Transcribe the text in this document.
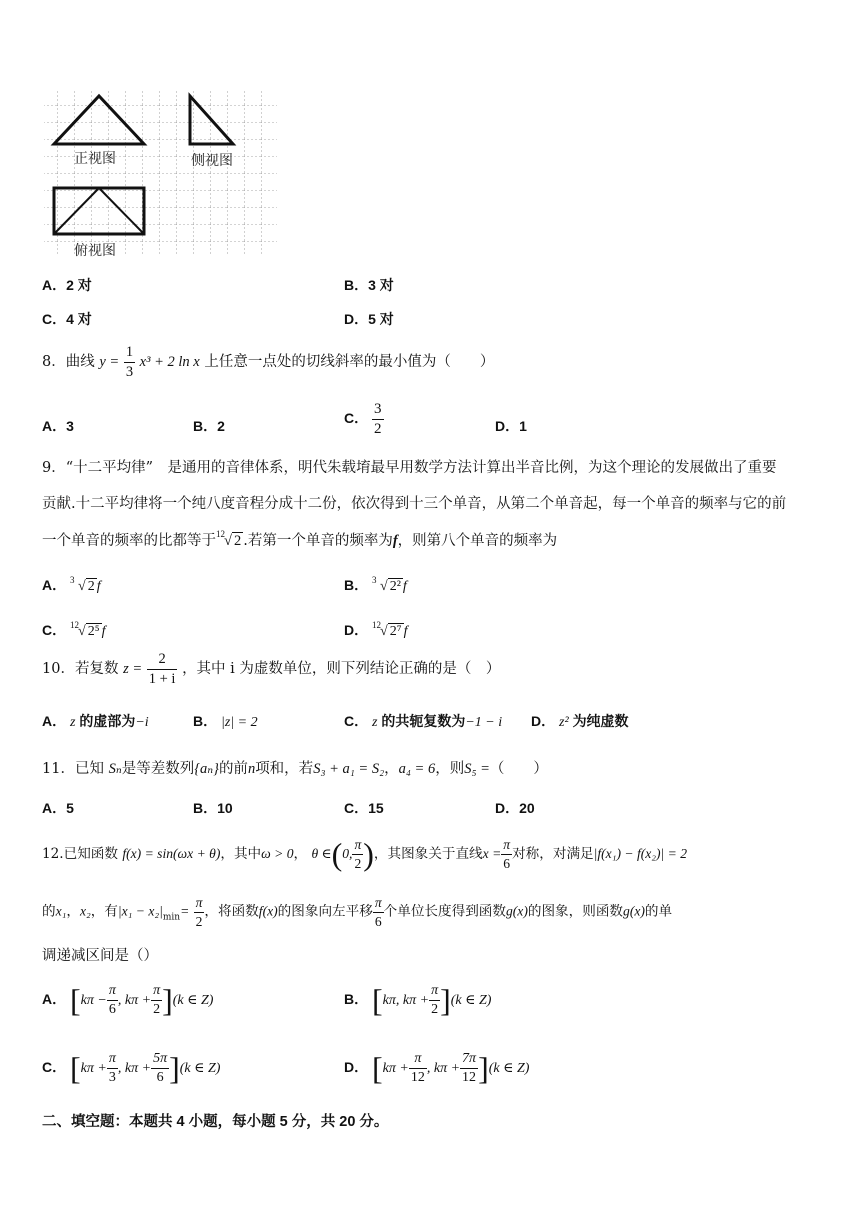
正视图	侧视图
俯视图
A．2 对	B．3 对
C．4 对	D．5 对
8．曲线 $y = \frac{1}{3} x^3 + 2$ ln x 上任意一点处的切线斜率的最小值为（　　）
A．3	B．2	C． $\frac{3}{2}$	D．1
9．“十二平均律”　是通用的音律体系，明代朱载堉最早用数学方法计算出半音比例，为这个理论的发展做出了重要
贡献.十二平均律将一个纯八度音程分成十二份，依次得到十三个单音，从第二个单音起，每一个单音的频率与它的前
一个单音的频率的比都等于 12 √ 2 .若第一个单音的频率为f，则第八个单音的频率为
A． 3 √ 2 f	B． 3 √ 2² f
C． 12 √ 2⁵ f	D． 12 √ 2⁷ f
10．若复数 $z = \frac{2}{1 + i}$ ，其中 i 为虚数单位，则下列结论正确的是（　）
A． z 的虚部为−i	B． |z| = 2	C． z 的共轭复数为−1 − i D． z² 为纯虚数
11．已知 Sₙ是等差数列{aₙ}的前n项和，若S₃ + a₁ = S₂，a₄ = 6，则S₅ =（　　）
A．5	B．10	C．15	D．20
12.已知函数 f(x) = sin(ωx + θ)，其中ω > 0， θ ∈(0, $\frac{\pi}{2}$ )，其图象关于直线$x = \frac{\pi}{6}$ 对称，对满足|f(x₁) − f(x₂)| = 2
的x₁，x₂，有$|x_1 - x_2|_{min}= \frac{\pi}{2}$ ，将函数f(x)的图象向左平移 $\frac{\pi}{6}$ 个单位长度得到函数g(x)的图象，则函数g(x)的单
调递减区间是（）
A． [$k\pi - \frac{\pi}{6}$ , $k\pi + \frac{\pi}{2} ](k$ ∈ Z)	B． [kπ, $k\pi + \frac{\pi}{2} ](k$ ∈ Z)
C． [$k\pi + \frac{\pi}{3}$ , $k\pi + \frac{5\pi}{6} ](k$ ∈ Z)	D． [$k\pi + \frac{\pi}{12}$ , $k\pi + \frac{7\pi}{12} ](k$ ∈ Z)
二、填空题：本题共 4 小题，每小题 5 分，共 20 分。
